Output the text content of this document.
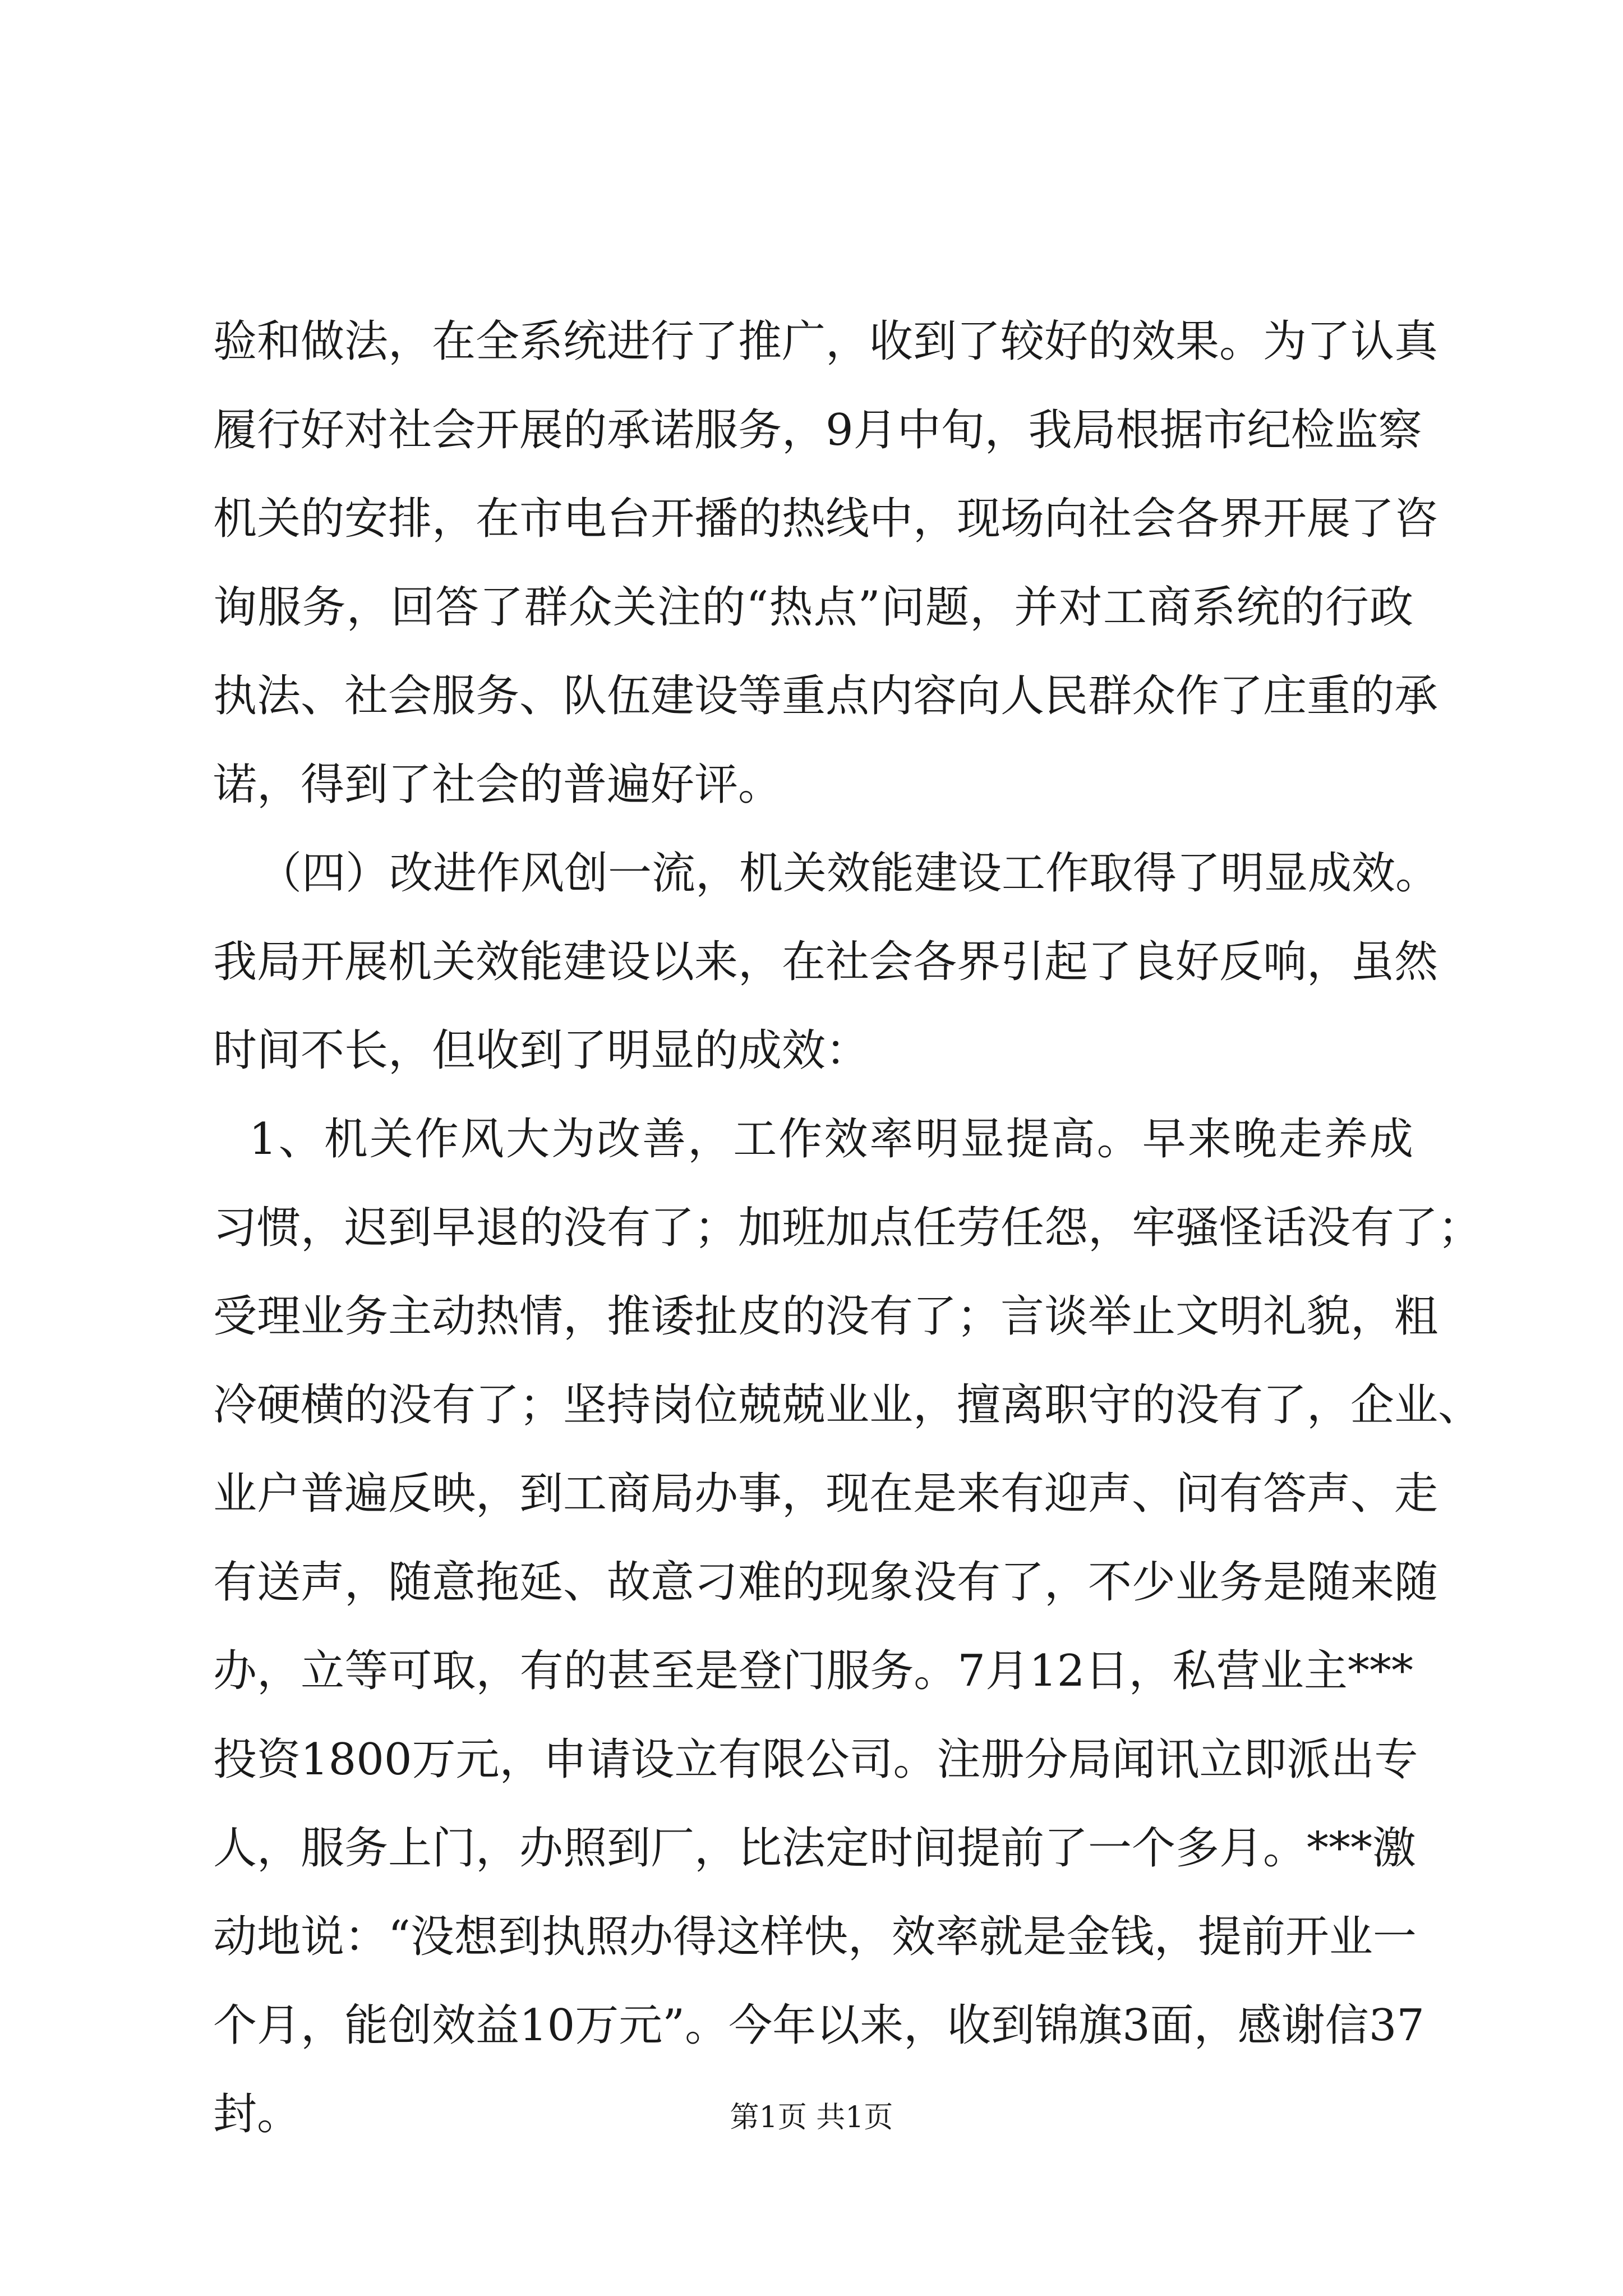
验和做法，在全系统进行了推广，收到了较好的效果。为了认真
履行好对社会开展的承诺服务，9月中旬，我局根据市纪检监察
机关的安排，在市电台开播的热线中，现场向社会各界开展了咨
询服务，回答了群众关注的“热点”问题，并对工商系统的行政
执法、社会服务、队伍建设等重点内容向人民群众作了庄重的承
诺，得到了社会的普遍好评。
（四）改进作风创一流，机关效能建设工作取得了明显成效。
我局开展机关效能建设以来，在社会各界引起了良好反响，虽然
时间不长，但收到了明显的成效：
1、机关作风大为改善，工作效率明显提高。早来晚走养成
习惯，迟到早退的没有了；加班加点任劳任怨，牢骚怪话没有了；
受理业务主动热情，推诿扯皮的没有了；言谈举止文明礼貌，粗
冷硬横的没有了；坚持岗位兢兢业业，擅离职守的没有了，企业、
业户普遍反映，到工商局办事，现在是来有迎声、问有答声、走
有送声，随意拖延、故意刁难的现象没有了，不少业务是随来随
办，立等可取，有的甚至是登门服务。7月12日，私营业主***
投资1800万元，申请设立有限公司。注册分局闻讯立即派出专
人，服务上门，办照到厂，比法定时间提前了一个多月。***激
动地说：“没想到执照办得这样快，效率就是金钱，提前开业一
个月，能创效益10万元”。今年以来，收到锦旗3面，感谢信37
封。	第1页 共1页
